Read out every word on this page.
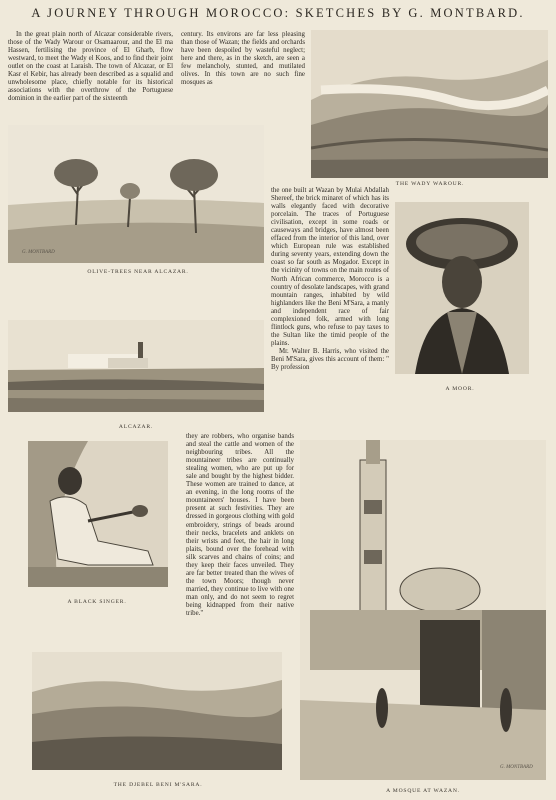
A JOURNEY THROUGH MOROCCO: SKETCHES BY G. MONTBARD.

In the great plain north of Alcazar considerable rivers, those of the Wady Warour or Osamaarour, and the El ma Hassen, fertilising the province of El Gharb, flow westward, to meet the Wady el Koos, and to find their joint outlet on the coast at Laraish. The town of Alcazar, or El Kasr el Kebir, has already been described as a squalid and unwholesome place, chiefly notable for its historical associations with the overthrow of the Portuguese dominion in the earlier part of the sixteenth

century. Its environs are far less pleasing than those of Wazan; the fields and orchards have been despoiled by wasteful neglect; here and there, as in the sketch, are seen a few melancholy, stunted, and mutilated olives. In this town are no such fine mosques as

THE WADY WAROUR.
G. MONTBARD
OLIVE-TREES NEAR ALCAZAR.
ALCAZAR.

the one built at Wazan by Mulai Abdallah Shereef, the brick minaret of which has its walls elegantly faced with decorative porcelain. The traces of Portuguese civilisation, except in some roads or causeways and bridges, have almost been effaced from the interior of this land, over which European rule was established during seventy years, extending down the coast so far south as Mogador. Except in the vicinity of towns on the main routes of North African commerce, Morocco is a country of desolate landscapes, with grand mountain ranges, inhabited by wild highlanders like the Beni M'Sara, a manly and independent race of fair complexioned folk, armed with long flintlock guns, who refuse to pay taxes to the Sultan like the timid people of the plains.

Mr. Walter B. Harris, who visited the Beni M'Sara, gives this account of them: " By profession

A MOOR.
A BLACK SINGER.

they are robbers, who organise bands and steal the cattle and women of the neighbouring tribes. All the mountaineer tribes are continually stealing women, who are put up for sale and bought by the highest bidder. These women are trained to dance, at an evening, in the long rooms of the mountaineers' houses. I have been present at such festivities. They are dressed in gorgeous clothing with gold embroidery, strings of beads around their necks, bracelets and anklets on their wrists and feet, the hair in long plaits, bound over the forehead with silk scarves and chains of coins; and they keep their faces unveiled. They are far better treated than the wives of the town Moors; though never married, they continue to live with one man only, and do not seem to regret being kidnapped from their native tribe."

THE DJEBEL BENI M'SARA.
G. MONTBARD
A MOSQUE AT WAZAN.
